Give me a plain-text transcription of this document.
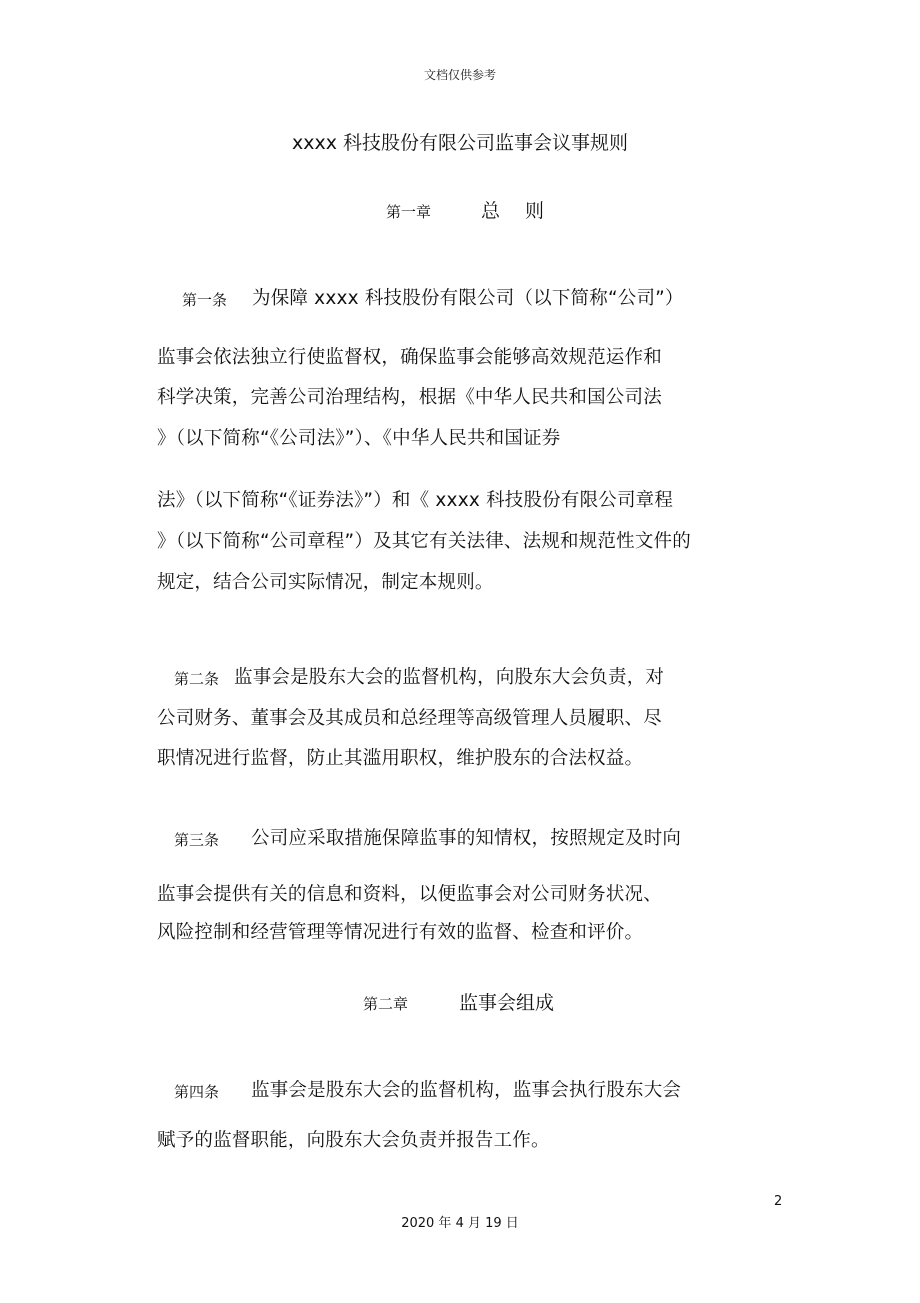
文档仅供参考
xxxx 科技股份有限公司监事会议事规则
第一章	总　 则
第一条 为保障 xxxx 科技股份有限公司（以下简称“公司”）
监事会依法独立行使监督权，确保监事会能够高效规范运作和
科学决策，完善公司治理结构，根据《中华人民共和国公司法
》（以下简称“《公司法》”）、《中华人民共和国证券
法》（以下简称“《证券法》”）和《 xxxx 科技股份有限公司章程
》（以下简称“公司章程”）及其它有关法律、法规和规范性文件的
规定，结合公司实际情况，制定本规则。
第二条 监事会是股东大会的监督机构，向股东大会负责，对
公司财务、董事会及其成员和总经理等高级管理人员履职、尽
职情况进行监督，防止其滥用职权，维护股东的合法权益。
第三条 公司应采取措施保障监事的知情权，按照规定及时向
监事会提供有关的信息和资料，以便监事会对公司财务状况、
风险控制和经营管理等情况进行有效的监督、检查和评价。
第二章	监事会组成
第四条 监事会是股东大会的监督机构，监事会执行股东大会
赋予的监督职能，向股东大会负责并报告工作。
2
2020 年 4 月 19 日
